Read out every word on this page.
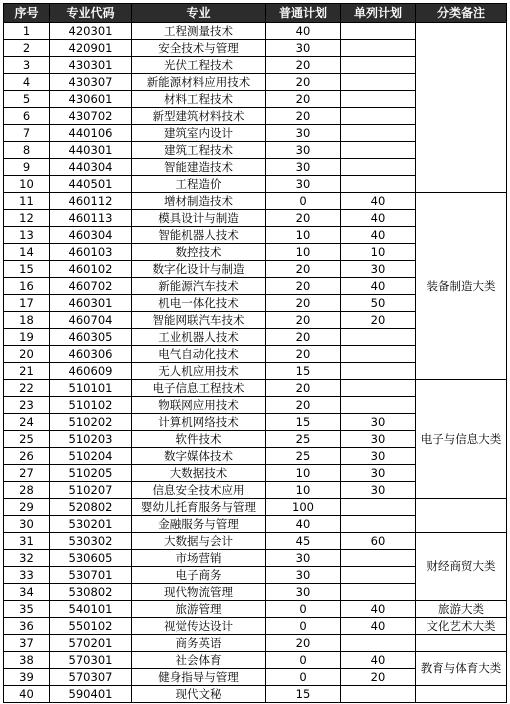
序号	专业代码	专业	普通计划	单列计划	分类备注
1	420301	工程测量技术	40		
2	420901	安全技术与管理	30		
3	430301	光伏工程技术	20		
4	430307	新能源材料应用技术	20		
5	430601	材料工程技术	20		
6	430702	新型建筑材料技术	20		
7	440106	建筑室内设计	30		
8	440301	建筑工程技术	30		
9	440304	智能建造技术	30		
10	440501	工程造价	30		
11	460112	增材制造技术	0	40	装备制造大类
12	460113	模具设计与制造	20	40	
13	460304	智能机器人技术	10	40	
14	460103	数控技术	10	10	
15	460102	数字化设计与制造	20	30	
16	460702	新能源汽车技术	20	40	
17	460301	机电一体化技术	20	50	
18	460704	智能网联汽车技术	20	20	
19	460305	工业机器人技术	20		
20	460306	电气自动化技术	20		
21	460609	无人机应用技术	15		
22	510101	电子信息工程技术	20		电子与信息大类
23	510102	物联网应用技术	20		
24	510202	计算机网络技术	15	30	
25	510203	软件技术	25	30	
26	510204	数字媒体技术	25	30	
27	510205	大数据技术	10	30	
28	510207	信息安全技术应用	10	30	
29	520802	婴幼儿托育服务与管理	100		
30	530201	金融服务与管理	40		
31	530302	大数据与会计	45	60	财经商贸大类
32	530605	市场营销	30		
33	530701	电子商务	30		
34	530802	现代物流管理	30		
35	540101	旅游管理	0	40	旅游大类
36	550102	视觉传达设计	0	40	文化艺术大类
37	570201	商务英语	20		
38	570301	社会体育	0	40	教育与体育大类
39	570307	健身指导与管理	0	20	
40	590401	现代文秘	15		
